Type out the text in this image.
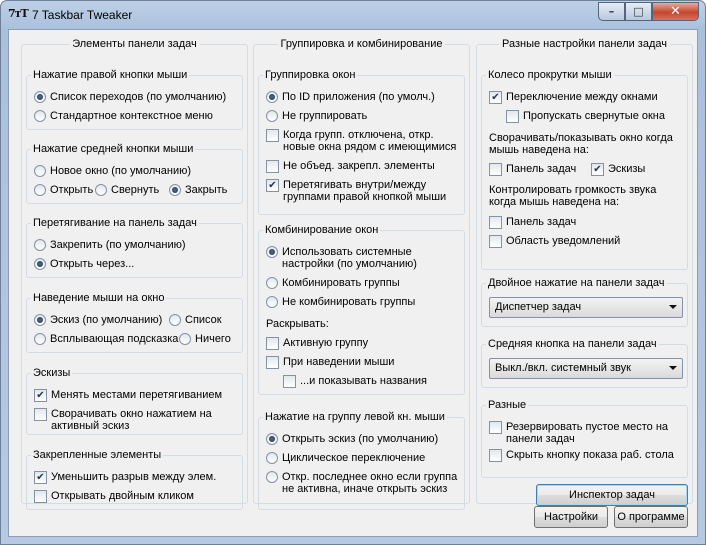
7тТ 7 Taskbar Tweaker	–	□	✕
Элементы панели задач
Нажатие правой кнопки мыши
Список переходов (по умолчанию)
Стандартное контекстное меню
Нажатие средней кнопки мыши
Новое окно (по умолчанию)
Открыть Свернуть Закрыть
Перетягивание на панель задач
Закрепить (по умолчанию)
Открыть через...
Наведение мыши на окно
Эскиз (по умолчанию) Список
Всплывающая подсказка Ничего
Эскизы
✔ Менять местами перетягиванием
Сворачивать окно нажатием на активный эскиз
Закрепленные элементы
✔ Уменьшить разрыв между элем.
Открывать двойным кликом
Группировка и комбинирование
Группировка окон
По ID приложения (по умолч.)
Не группировать
Когда групп. отключена, откр. новые окна рядом с имеющимися
Не объед. закрепл. элементы
✔ Перетягивать внутри/между группами правой кнопкой мыши
Комбинирование окон
Использовать системные настройки (по умолчанию)
Комбинировать группы
Не комбинировать группы
Раскрывать:
Активную группу
При наведении мыши
...и показывать названия
Нажатие на группу левой кн. мыши
Открыть эскиз (по умолчанию)
Циклическое переключение
Откр. последнее окно если группа не активна, иначе открыть эскиз
Разные настройки панели задач
Колесо прокрутки мыши
✔ Переключение между окнами
Пропускать свернутые окна
Сворачивать/показывать окно когда мышь наведена на:
Панель задач ✔ Эскизы
Контролировать громкость звука когда мышь наведена на:
Панель задач
Область уведомлений
Двойное нажатие на панели задач
Диспетчер задач
Средняя кнопка на панели задач
Выкл./вкл. системный звук
Разные
Резервировать пустое место на панели задач
Скрыть кнопку показа раб. стола
Инспектор задач
Настройки	О программе
